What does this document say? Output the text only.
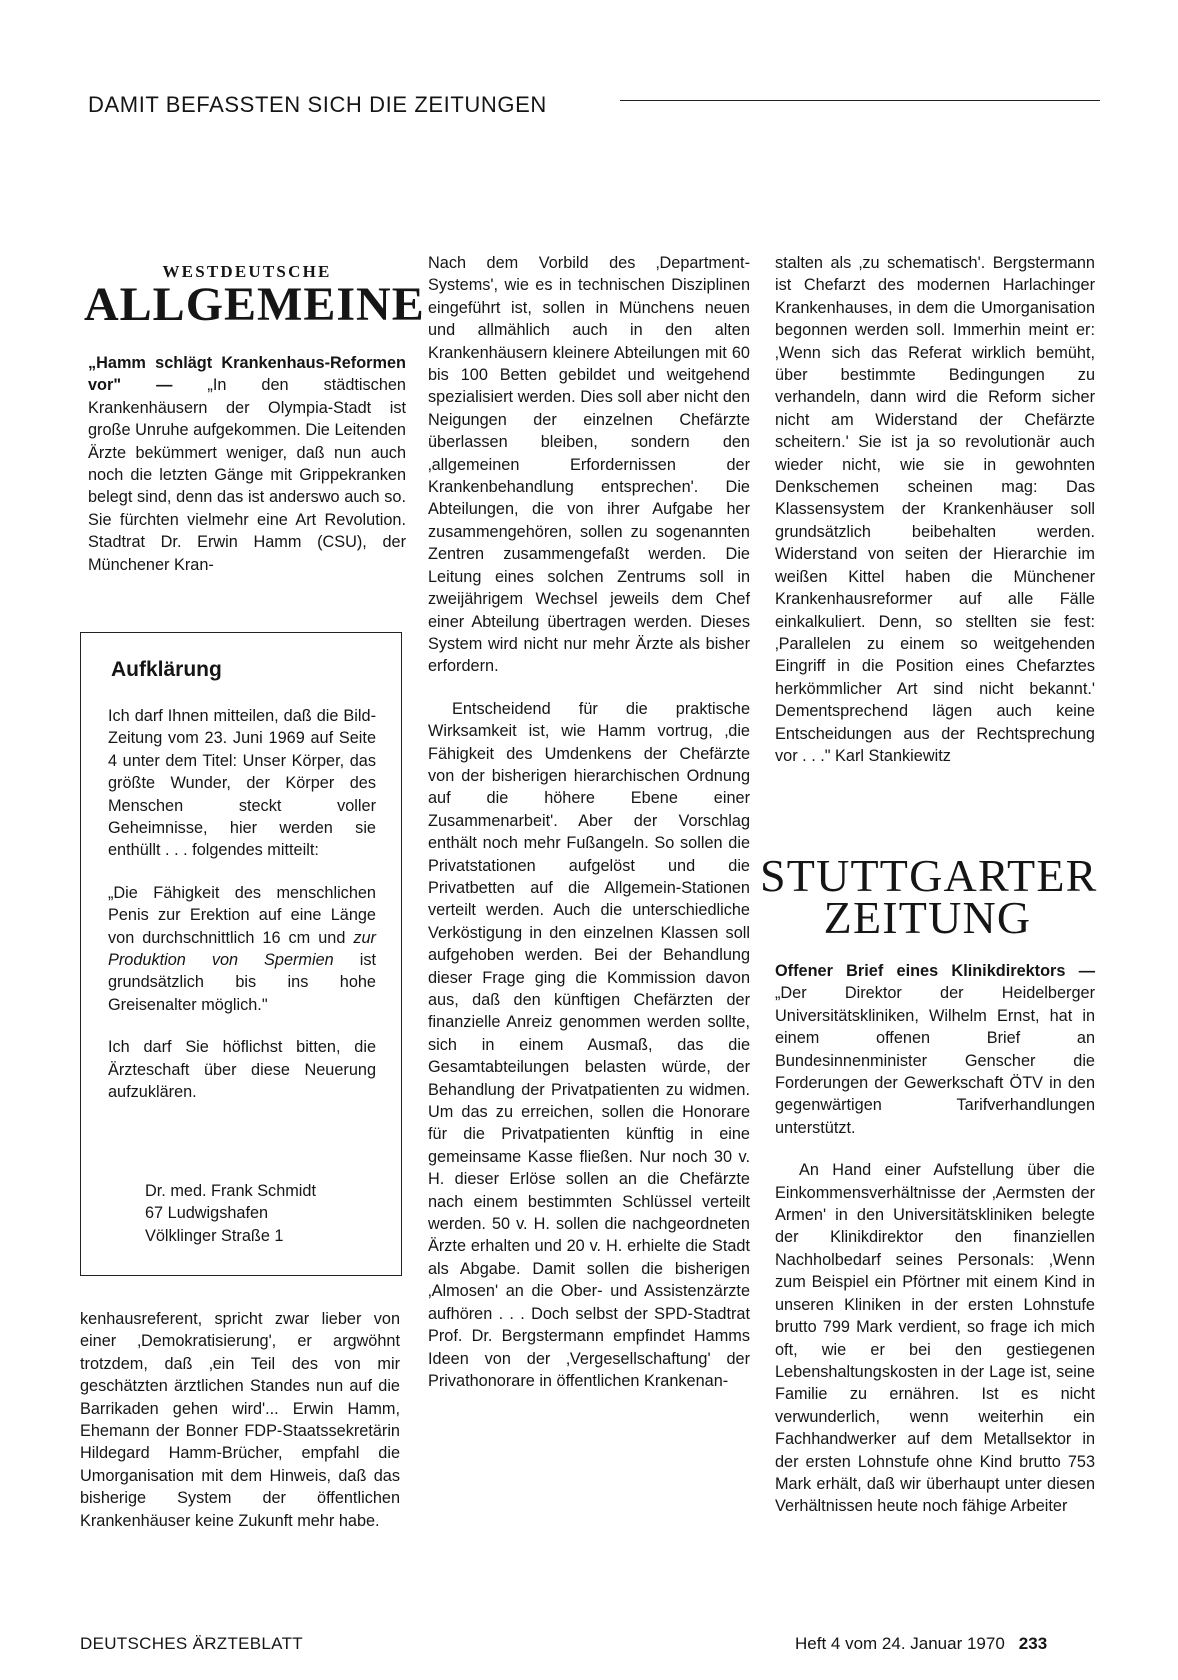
DAMIT BEFASSTEN SICH DIE ZEITUNGEN
WESTDEUTSCHE
ALLGEMEINE

„Hamm schlägt Krankenhaus-Reformen vor" — „In den städtischen Krankenhäusern der Olympia-Stadt ist große Unruhe aufgekommen. Die Leitenden Ärzte bekümmert weniger, daß nun auch noch die letzten Gänge mit Grippekranken belegt sind, denn das ist anderswo auch so. Sie fürchten vielmehr eine Art Revolution. Stadtrat Dr. Erwin Hamm (CSU), der Münchener Kran-

Aufklärung

Ich darf Ihnen mitteilen, daß die Bild-Zeitung vom 23. Juni 1969 auf Seite 4 unter dem Titel: Unser Körper, das größte Wunder, der Körper des Menschen steckt voller Geheimnisse, hier werden sie enthüllt . . . folgendes mitteilt:

„Die Fähigkeit des menschlichen Penis zur Erektion auf eine Länge von durchschnittlich 16 cm und zur Produktion von Spermien ist grundsätzlich bis ins hohe Greisenalter möglich."

Ich darf Sie höflichst bitten, die Ärzteschaft über diese Neuerung aufzuklären.

Dr. med. Frank Schmidt
67 Ludwigshafen
Völklinger Straße 1

kenhausreferent, spricht zwar lieber von einer ‚Demokratisierung', er argwöhnt trotzdem, daß ‚ein Teil des von mir geschätzten ärztlichen Standes nun auf die Barrikaden gehen wird'... Erwin Hamm, Ehemann der Bonner FDP-Staatssekretärin Hildegard Hamm-Brücher, empfahl die Umorganisation mit dem Hinweis, daß das bisherige System der öffentlichen Krankenhäuser keine Zukunft mehr habe.

Nach dem Vorbild des ‚Department-Systems', wie es in technischen Disziplinen eingeführt ist, sollen in Münchens neuen und allmählich auch in den alten Krankenhäusern kleinere Abteilungen mit 60 bis 100 Betten gebildet und weitgehend spezialisiert werden. Dies soll aber nicht den Neigungen der einzelnen Chefärzte überlassen bleiben, sondern den ‚allgemeinen Erfordernissen der Krankenbehandlung entsprechen'. Die Abteilungen, die von ihrer Aufgabe her zusammengehören, sollen zu sogenannten Zentren zusammengefaßt werden. Die Leitung eines solchen Zentrums soll in zweijährigem Wechsel jeweils dem Chef einer Abteilung übertragen werden. Dieses System wird nicht nur mehr Ärzte als bisher erfordern.

Entscheidend für die praktische Wirksamkeit ist, wie Hamm vortrug, ‚die Fähigkeit des Umdenkens der Chefärzte von der bisherigen hierarchischen Ordnung auf die höhere Ebene einer Zusammenarbeit'. Aber der Vorschlag enthält noch mehr Fußangeln. So sollen die Privatstationen aufgelöst und die Privatbetten auf die Allgemein-Stationen verteilt werden. Auch die unterschiedliche Verköstigung in den einzelnen Klassen soll aufgehoben werden. Bei der Behandlung dieser Frage ging die Kommission davon aus, daß den künftigen Chefärzten der finanzielle Anreiz genommen werden sollte, sich in einem Ausmaß, das die Gesamtabteilungen belasten würde, der Behandlung der Privatpatienten zu widmen. Um das zu erreichen, sollen die Honorare für die Privatpatienten künftig in eine gemeinsame Kasse fließen. Nur noch 30 v. H. dieser Erlöse sollen an die Chefärzte nach einem bestimmten Schlüssel verteilt werden. 50 v. H. sollen die nachgeordneten Ärzte erhalten und 20 v. H. erhielte die Stadt als Abgabe. Damit sollen die bisherigen ‚Almosen' an die Ober- und Assistenzärzte aufhören . . . Doch selbst der SPD-Stadtrat Prof. Dr. Bergstermann empfindet Hamms Ideen von der ‚Vergesellschaftung' der Privathonorare in öffentlichen Krankenan-

stalten als ‚zu schematisch'. Bergstermann ist Chefarzt des modernen Harlachinger Krankenhauses, in dem die Umorganisation begonnen werden soll. Immerhin meint er: ‚Wenn sich das Referat wirklich bemüht, über bestimmte Bedingungen zu verhandeln, dann wird die Reform sicher nicht am Widerstand der Chefärzte scheitern.' Sie ist ja so revolutionär auch wieder nicht, wie sie in gewohnten Denkschemen scheinen mag: Das Klassensystem der Krankenhäuser soll grundsätzlich beibehalten werden. Widerstand von seiten der Hierarchie im weißen Kittel haben die Münchener Krankenhausreformer auf alle Fälle einkalkuliert. Denn, so stellten sie fest: ‚Parallelen zu einem so weitgehenden Eingriff in die Position eines Chefarztes herkömmlicher Art sind nicht bekannt.' Dementsprechend lägen auch keine Entscheidungen aus der Rechtsprechung vor . . ." Karl Stankiewitz

STUTTGARTER
ZEITUNG

Offener Brief eines Klinikdirektors — „Der Direktor der Heidelberger Universitätskliniken, Wilhelm Ernst, hat in einem offenen Brief an Bundesinnenminister Genscher die Forderungen der Gewerkschaft ÖTV in den gegenwärtigen Tarifverhandlungen unterstützt.

An Hand einer Aufstellung über die Einkommensverhältnisse der ‚Aermsten der Armen' in den Universitätskliniken belegte der Klinikdirektor den finanziellen Nachholbedarf seines Personals: ‚Wenn zum Beispiel ein Pförtner mit einem Kind in unseren Kliniken in der ersten Lohnstufe brutto 799 Mark verdient, so frage ich mich oft, wie er bei den gestiegenen Lebenshaltungskosten in der Lage ist, seine Familie zu ernähren. Ist es nicht verwunderlich, wenn weiterhin ein Fachhandwerker auf dem Metallsektor in der ersten Lohnstufe ohne Kind brutto 753 Mark erhält, daß wir überhaupt unter diesen Verhältnissen heute noch fähige Arbeiter

DEUTSCHES ÄRZTEBLATT	Heft 4 vom 24. Januar 1970 233
